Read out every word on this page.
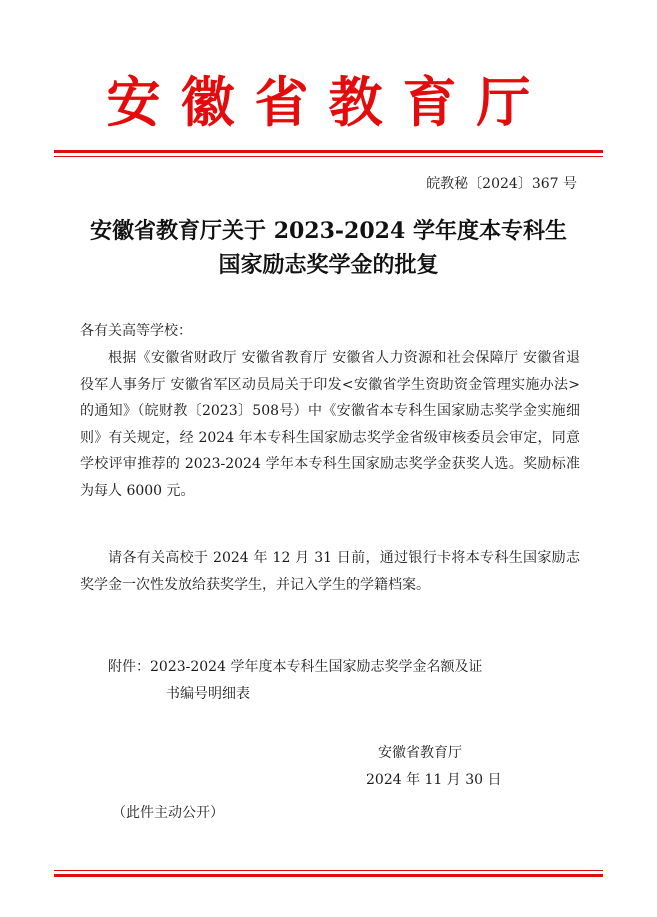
安徽省教育厅
皖教秘〔2024〕367 号
安徽省教育厅关于 2023-2024 学年度本专科生
国家励志奖学金的批复
各有关高等学校：
根据《安徽省财政厅 安徽省教育厅 安徽省人力资源和社会保障厅 安徽省退役军人事务厅 安徽省军区动员局关于印发<安徽省学生资助资金管理实施办法>的通知》（皖财教〔2023〕508号）中《安徽省本专科生国家励志奖学金实施细则》有关规定，经 2024 年本专科生国家励志奖学金省级审核委员会审定，同意学校评审推荐的 2023-2024 学年本专科生国家励志奖学金获奖人选。奖励标准为每人 6000 元。
请各有关高校于 2024 年 12 月 31 日前，通过银行卡将本专科生国家励志奖学金一次性发放给获奖学生，并记入学生的学籍档案。
附件：2023-2024 学年度本专科生国家励志奖学金名额及证
书编号明细表
安徽省教育厅
2024 年 11 月 30 日
（此件主动公开）
